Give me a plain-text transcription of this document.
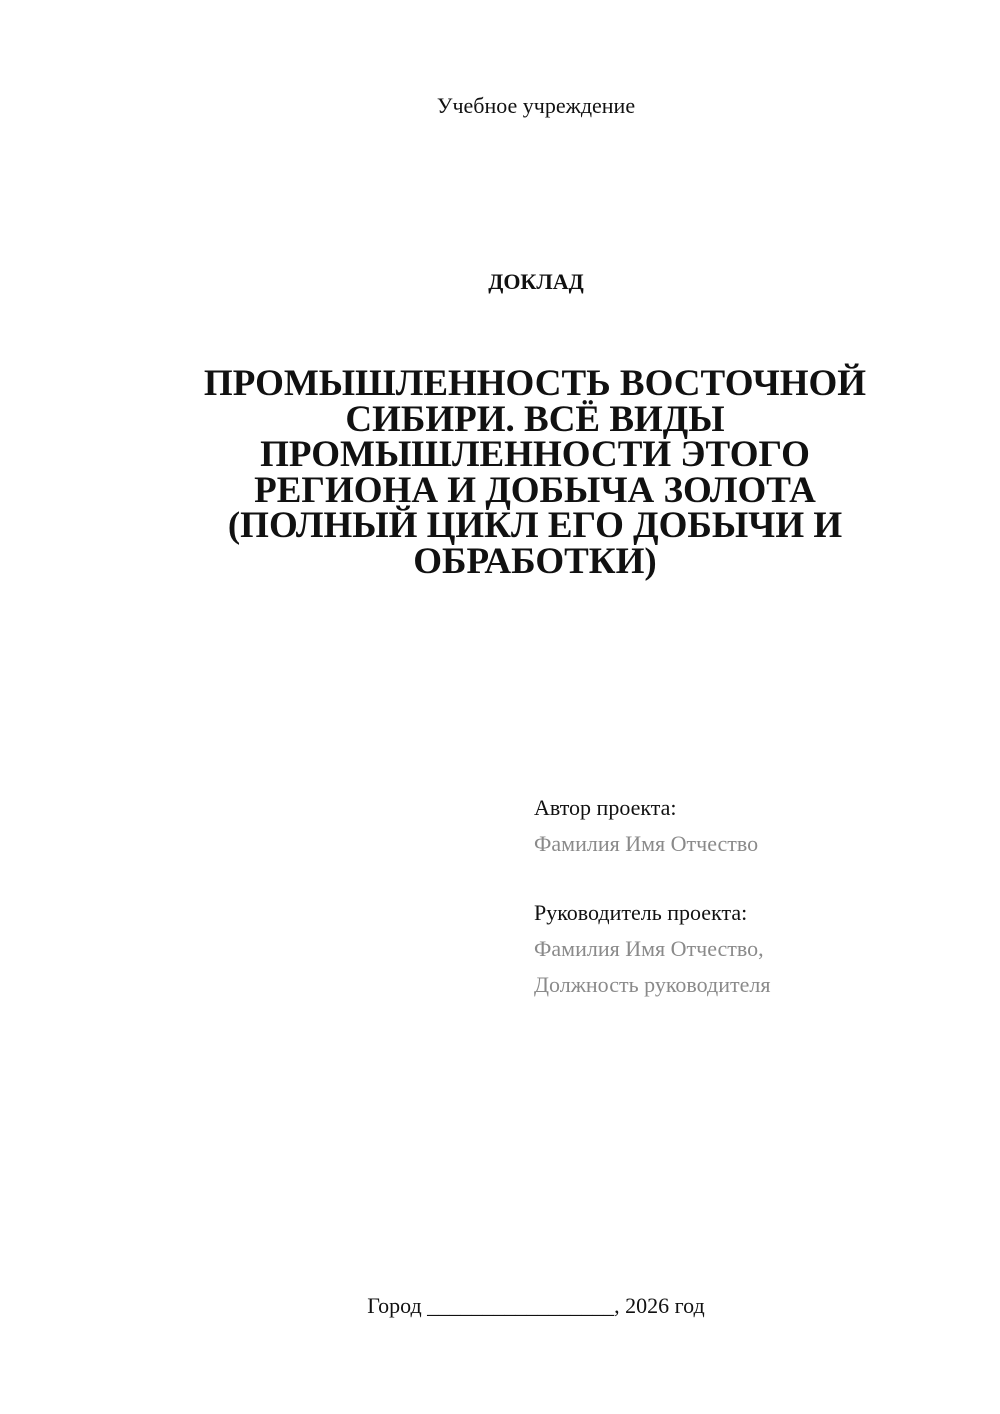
Учебное учреждение
ДОКЛАД
ПРОМЫШЛЕННОСТЬ ВОСТОЧНОЙ
СИБИРИ. ВСЁ ВИДЫ
ПРОМЫШЛЕННОСТИ ЭТОГО
РЕГИОНА И ДОБЫЧА ЗОЛОТА
(ПОЛНЫЙ ЦИКЛ ЕГО ДОБЫЧИ И
ОБРАБОТКИ)
Автор проекта:
Фамилия Имя Отчество
Руководитель проекта:
Фамилия Имя Отчество,
Должность руководителя
Город _________________, 2026 год
